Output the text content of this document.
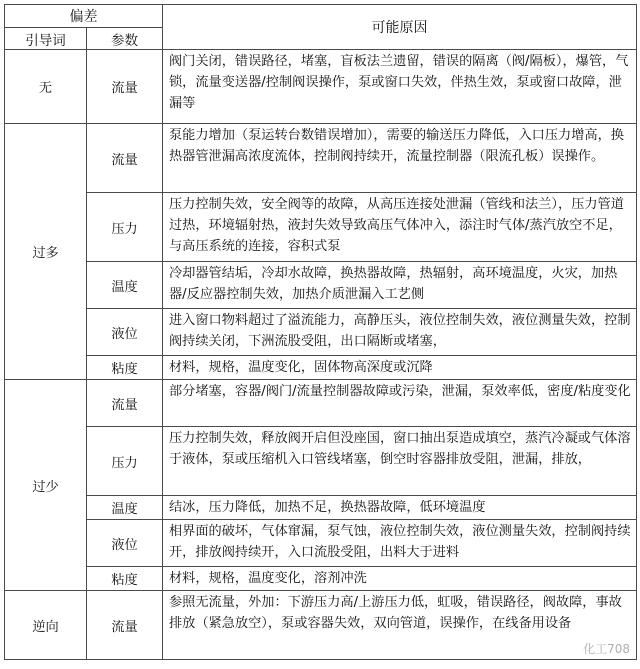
偏差		可能原因
引导词	参数	
无	流量	阀门关闭，错误路径，堵塞，盲板法兰遗留，错误的隔离（阀/隔板），爆管，气锁，流量变送器/控制阀误操作，泵或窗口失效，伴热生效，泵或窗口故障，泄漏等
过多	流量	泵能力增加（泵运转台数错误增加），需要的输送压力降低，入口压力增高，换热器管泄漏高浓度流体，控制阀持续开，流量控制器（限流孔板）误操作。
	压力	压力控制失效，安全阀等的故障，从高压连接处泄漏（管线和法兰），压力管道过热，环境辐射热，液封失效导致高压气体冲入，添注时气体/蒸汽放空不足，与高压系统的连接，容积式泵
	温度	冷却器管结垢，冷却水故障，换热器故障，热辐射，高环境温度，火灾，加热器/反应器控制失效，加热介质泄漏入工艺侧
	液位	进入窗口物料超过了溢流能力，高静压头，液位控制失效，液位测量失效，控制阀持续关闭，下洲流股受阻，出口隔断或堵塞，
	粘度	材料，规格，温度变化，固体物高深度或沉降
过少	流量	部分堵塞，容器/阀门/流量控制器故障或污染，泄漏，泵效率低，密度/粘度变化
	压力	压力控制失效，释放阀开启但没座国，窗口抽出泵造成填空，蒸汽冷凝或气体溶于液体，泵或压缩机入口管线堵塞，倒空时容器排放受阻，泄漏，排放，
	温度	结冰，压力降低，加热不足，换热器故障，低环境温度
	液位	相界面的破坏，气体窜漏，泵气蚀，液位控制失效，液位测量失效，控制阀持续开，排放阀持续开，入口流股受阻，出料大于进料
	粘度	材料，规格，温度变化，溶剂冲洗
逆向	流量	参照无流量，外加：下游压力高/上游压力低，虹吸，错误路径，阀故障，事故排放（紧急放空），泵或容器失效，双向管道，误操作，在线备用设备
化工708
